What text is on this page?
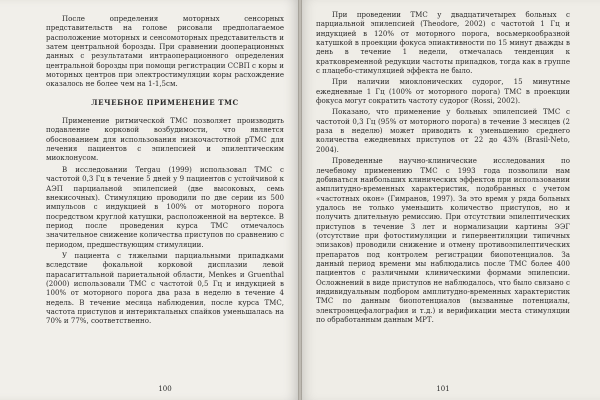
После определения моторных сенсорных представительств на голове рисовали предполагаемое расположение моторных и сенсомоторных представительств и затем центральной борозды. При сравнении дооперационных данных с результатами интраоперационного определения центральной борозды при помощи регистрации ССВП с коры и моторных центров при электростимуляции коры расхождение оказалось не более чем на 1-1,5см.

ЛЕЧЕБНОЕ ПРИМЕНЕНИЕ ТМС

Применение ритмической ТМС позволяет производить подавление корковой возбудимости, что является обоснованием для использования низкочастотной рТМС для лечения пациентов с эпилепсией и эпилептическим миоклонусом.

В исследовании Tergau (1999) использовал ТМС с частотой 0,3 Гц в течение 5 дней у 9 пациентов с устойчивой к АЭП парциальной эпилепсией (две высоковых, семь внекисочных). Стимуляцию проводили по две серии из 500 импульсов с индукцией в 100% от моторного порога посредством круглой катушки, расположенной на вертексе. В период после проведения курса ТМС отмечалось значительное снижение количества приступов по сравнению с периодом, предшествующим стимуляции.

У пациента с тяжелыми парциальными припадками вследствие фокальной корковой дисплазии левой парасагиттальной париетальной области, Menkes и Gruenthal (2000) использовали ТМС с частотой 0,5 Гц и индукцией в 100% от моторного порога два раза в неделю в течение 4 недель. В течение месяца наблюдения, после курса ТМС, частота приступов и интериктальных спайков уменьшалась на 70% и 77%, соответственно.

100

При проведении ТМС у двадцатичетырех больных с парциальной эпилепсией (Theodore, 2002) с частотой 1 Гц и индукцией в 120% от моторного порога, восьмеркообразной катушкой в проекции фокуса эпиактивности по 15 минут дважды в день в течение 1 недели, отмечалась тенденция к кратковременной редукции частоты припадков, тогда как в группе с плацебо-стимуляцией эффекта не было.

При наличии миоклонических судорог, 15 минутные ежедневные 1 Гц (100% от моторного порога) ТМС в проекции фокуса могут сократить частоту судорог (Rossi, 2002).

Показано, что применение у больных эпилепсией ТМС с частотой 0,3 Гц (95% от моторного порога) в течение 3 месяцев (2 раза в неделю) может приводить к уменьшению среднего количества ежедневных приступов от 22 до 43% (Brasil-Neto, 2004).

Проведенные научно-клинические исследования по лечебному применению ТМС с 1993 года позволили нам добиваться наибольших клинических эффектов при использовании амплитудно-временных характеристик, подобранных с учетом «частотных окон» (Гимранов, 1997). За это время у ряда больных удалось не только уменьшить количество приступов, но и получить длительную ремиссию. При отсутствии эпилептических приступов в течение 3 лет и нормализации картины ЭЭГ (отсутствие при фотостимуляции и гипервентиляции типичных эпизаков) проводили снижение и отмену противоэпилептических препаратов под контролем регистрации биопотенциалов. За данный период времени мы наблюдались после ТМС более 400 пациентов с различными клиническими формами эпилепсии. Осложнений в виде приступов не наблюдалось, что было связано с индивидуальным подбором амплитудно-временных характеристик ТМС по данным биопотенциалов (вызванные потенциалы, электроэнцефалография и т.д.) и верификации места стимуляции по обработанным данным МРТ.

101
